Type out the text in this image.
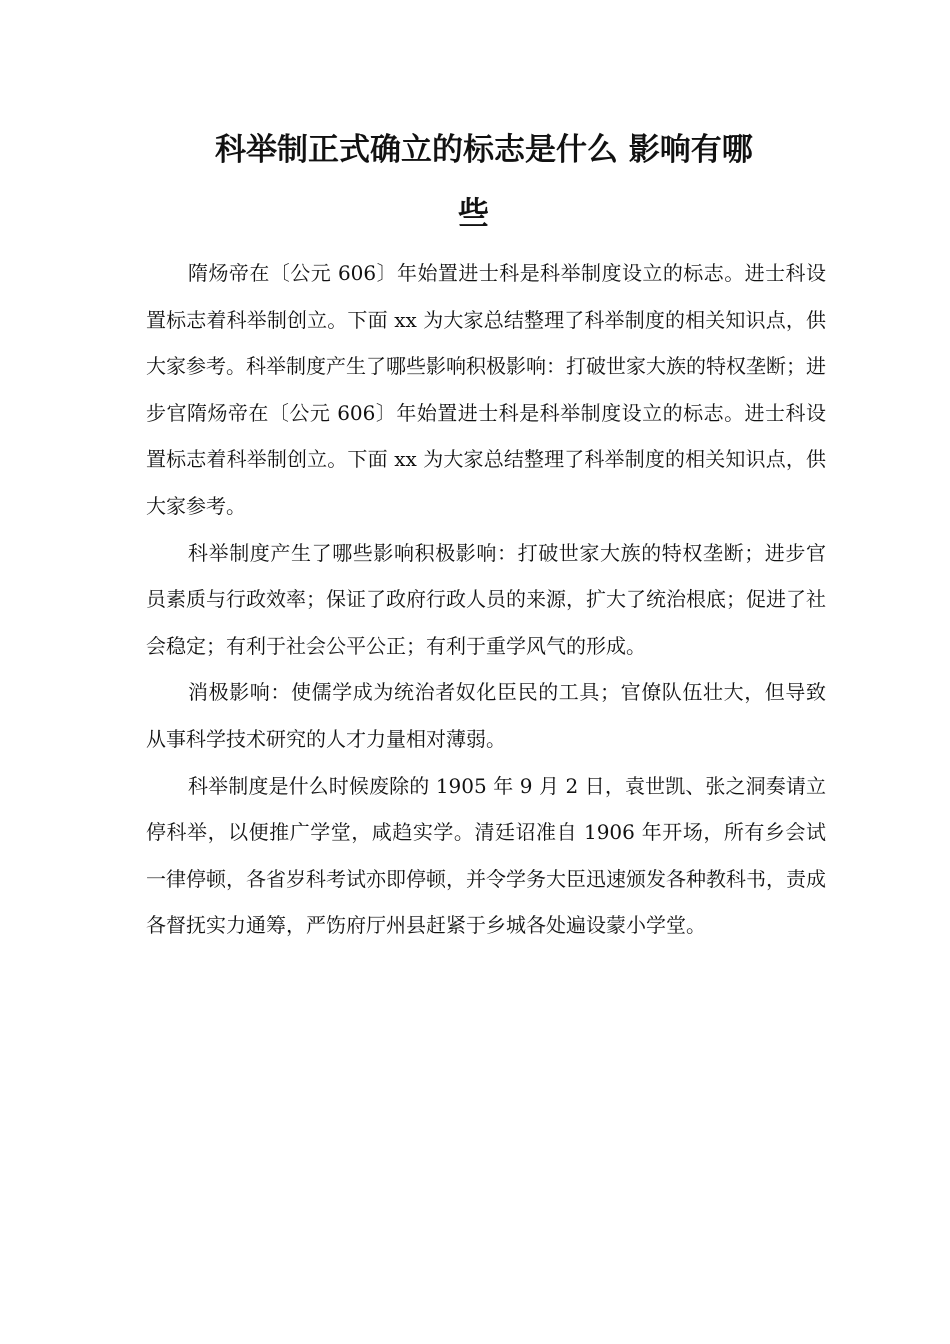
科举制正式确立的标志是什么 影响有哪
些

隋炀帝在〔公元 606〕年始置进士科是科举制度设立的标志。进士科设置标志着科举制创立。下面 xx 为大家总结整理了科举制度的相关知识点，供大家参考。科举制度产生了哪些影响积极影响：打破世家大族的特权垄断；进步官隋炀帝在〔公元 606〕年始置进士科是科举制度设立的标志。进士科设置标志着科举制创立。下面 xx 为大家总结整理了科举制度的相关知识点，供大家参考。

科举制度产生了哪些影响积极影响：打破世家大族的特权垄断；进步官员素质与行政效率；保证了政府行政人员的来源，扩大了统治根底；促进了社会稳定；有利于社会公平公正；有利于重学风气的形成。

消极影响：使儒学成为统治者奴化臣民的工具；官僚队伍壮大，但导致从事科学技术研究的人才力量相对薄弱。

科举制度是什么时候废除的 1905 年 9 月 2 日，袁世凯、张之洞奏请立停科举，以便推广学堂，咸趋实学。清廷诏准自 1906 年开场，所有乡会试一律停顿，各省岁科考试亦即停顿，并令学务大臣迅速颁发各种教科书，责成各督抚实力通筹，严饬府厅州县赶紧于乡城各处遍设蒙小学堂。
